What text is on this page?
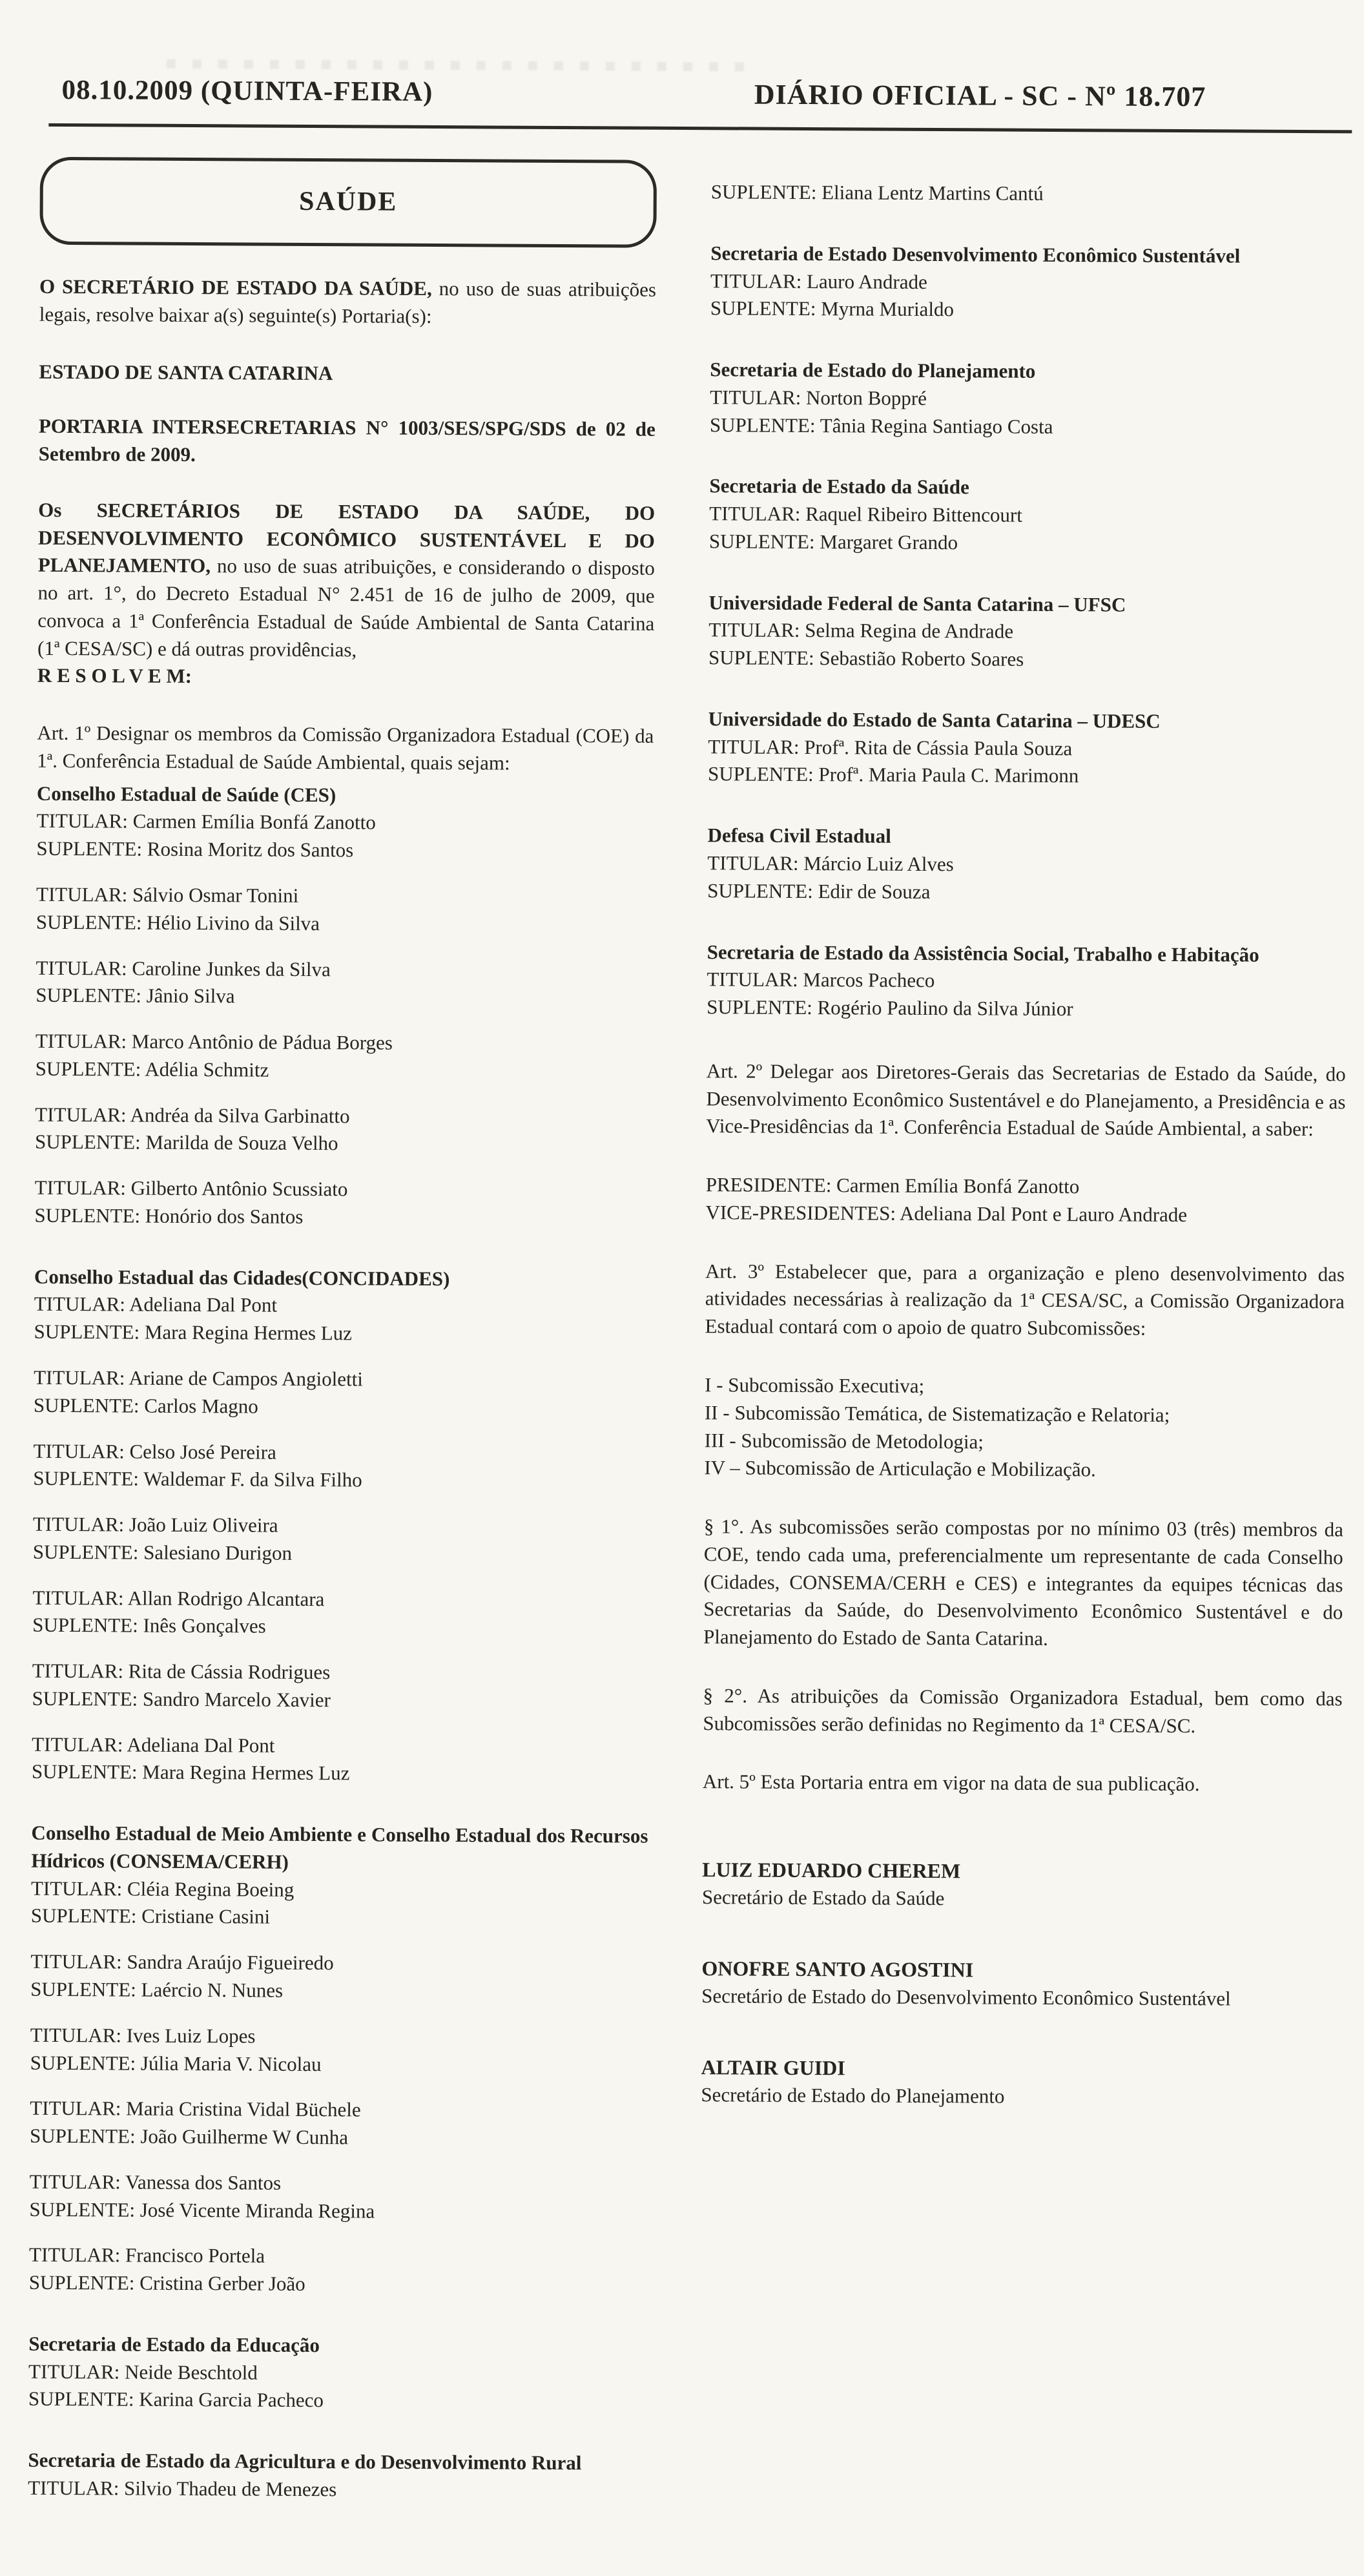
08.10.2009 (QUINTA-FEIRA)	DIÁRIO OFICIAL - SC - Nº 18.707
SAÚDE

O SECRETÁRIO DE ESTADO DA SAÚDE, no uso de suas atribuições legais, resolve baixar a(s) seguinte(s) Portaria(s):

ESTADO DE SANTA CATARINA

PORTARIA INTERSECRETARIAS N° 1003/SES/SPG/SDS de 02 de Setembro de 2009.

Os SECRETÁRIOS DE ESTADO DA SAÚDE, DO DESENVOLVIMENTO ECONÔMICO SUSTENTÁVEL E DO PLANEJAMENTO, no uso de suas atribuições, e considerando o disposto no art. 1°, do Decreto Estadual N° 2.451 de 16 de julho de 2009, que convoca a 1ª Conferência Estadual de Saúde Ambiental de Santa Catarina (1ª CESA/SC) e dá outras providências,

R E S O L V E M:

Art. 1º Designar os membros da Comissão Organizadora Estadual (COE) da 1ª. Conferência Estadual de Saúde Ambiental, quais sejam:

Conselho Estadual de Saúde (CES)

TITULAR: Carmen Emília Bonfá Zanotto

SUPLENTE: Rosina Moritz dos Santos

TITULAR: Sálvio Osmar Tonini

SUPLENTE: Hélio Livino da Silva

TITULAR: Caroline Junkes da Silva

SUPLENTE: Jânio Silva

TITULAR: Marco Antônio de Pádua Borges

SUPLENTE: Adélia Schmitz

TITULAR: Andréa da Silva Garbinatto

SUPLENTE: Marilda de Souza Velho

TITULAR: Gilberto Antônio Scussiato

SUPLENTE: Honório dos Santos

Conselho Estadual das Cidades(CONCIDADES)

TITULAR: Adeliana Dal Pont

SUPLENTE: Mara Regina Hermes Luz

TITULAR: Ariane de Campos Angioletti

SUPLENTE: Carlos Magno

TITULAR: Celso José Pereira

SUPLENTE: Waldemar F. da Silva Filho

TITULAR: João Luiz Oliveira

SUPLENTE: Salesiano Durigon

TITULAR: Allan Rodrigo Alcantara

SUPLENTE: Inês Gonçalves

TITULAR: Rita de Cássia Rodrigues

SUPLENTE: Sandro Marcelo Xavier

TITULAR: Adeliana Dal Pont

SUPLENTE: Mara Regina Hermes Luz

Conselho Estadual de Meio Ambiente e Conselho Estadual dos Recursos Hídricos (CONSEMA/CERH)

TITULAR: Cléia Regina Boeing

SUPLENTE: Cristiane Casini

TITULAR: Sandra Araújo Figueiredo

SUPLENTE: Laércio N. Nunes

TITULAR: Ives Luiz Lopes

SUPLENTE: Júlia Maria V. Nicolau

TITULAR: Maria Cristina Vidal Büchele

SUPLENTE: João Guilherme W Cunha

TITULAR: Vanessa dos Santos

SUPLENTE: José Vicente Miranda Regina

TITULAR: Francisco Portela

SUPLENTE: Cristina Gerber João

Secretaria de Estado da Educação

TITULAR: Neide Beschtold

SUPLENTE: Karina Garcia Pacheco

Secretaria de Estado da Agricultura e do Desenvolvimento Rural

TITULAR: Silvio Thadeu de Menezes

SUPLENTE: Eliana Lentz Martins Cantú

Secretaria de Estado Desenvolvimento Econômico Sustentável

TITULAR: Lauro Andrade

SUPLENTE: Myrna Murialdo

Secretaria de Estado do Planejamento

TITULAR: Norton Boppré

SUPLENTE: Tânia Regina Santiago Costa

Secretaria de Estado da Saúde

TITULAR: Raquel Ribeiro Bittencourt

SUPLENTE: Margaret Grando

Universidade Federal de Santa Catarina – UFSC

TITULAR: Selma Regina de Andrade

SUPLENTE: Sebastião Roberto Soares

Universidade do Estado de Santa Catarina – UDESC

TITULAR: Profª. Rita de Cássia Paula Souza

SUPLENTE: Profª. Maria Paula C. Marimonn

Defesa Civil Estadual

TITULAR: Márcio Luiz Alves

SUPLENTE: Edir de Souza

Secretaria de Estado da Assistência Social, Trabalho e Habitação

TITULAR: Marcos Pacheco

SUPLENTE: Rogério Paulino da Silva Júnior

Art. 2º Delegar aos Diretores-Gerais das Secretarias de Estado da Saúde, do Desenvolvimento Econômico Sustentável e do Planejamento, a Presidência e as Vice-Presidências da 1ª. Conferência Estadual de Saúde Ambiental, a saber:

PRESIDENTE: Carmen Emília Bonfá Zanotto

VICE-PRESIDENTES: Adeliana Dal Pont e Lauro Andrade

Art. 3º Estabelecer que, para a organização e pleno desenvolvimento das atividades necessárias à realização da 1ª CESA/SC, a Comissão Organizadora Estadual contará com o apoio de quatro Subcomissões:

I - Subcomissão Executiva;

II - Subcomissão Temática, de Sistematização e Relatoria;

III - Subcomissão de Metodologia;

IV – Subcomissão de Articulação e Mobilização.

§ 1°. As subcomissões serão compostas por no mínimo 03 (três) membros da COE, tendo cada uma, preferencialmente um representante de cada Conselho (Cidades, CONSEMA/CERH e CES) e integrantes da equipes técnicas das Secretarias da Saúde, do Desenvolvimento Econômico Sustentável e do Planejamento do Estado de Santa Catarina.

§ 2°. As atribuições da Comissão Organizadora Estadual, bem como das Subcomissões serão definidas no Regimento da 1ª CESA/SC.

Art. 5º Esta Portaria entra em vigor na data de sua publicação.

LUIZ EDUARDO CHEREM

Secretário de Estado da Saúde

ONOFRE SANTO AGOSTINI

Secretário de Estado do Desenvolvimento Econômico Sustentável

ALTAIR GUIDI

Secretário de Estado do Planejamento
